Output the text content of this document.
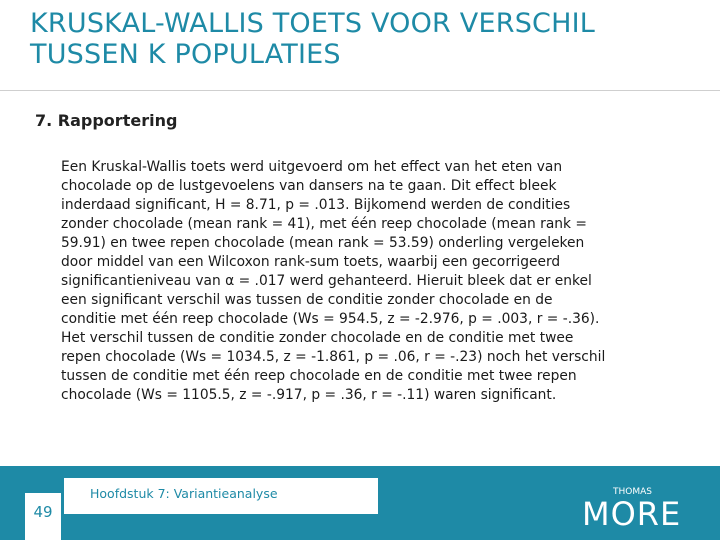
KRUSKAL-WALLIS TOETS VOOR VERSCHIL TUSSEN K POPULATIES
7. Rapportering

Een Kruskal-Wallis toets werd uitgevoerd om het effect van het eten van
chocolade op de lustgevoelens van dansers na te gaan. Dit effect bleek
inderdaad significant, H = 8.71, p = .013. Bijkomend werden de condities
zonder chocolade (mean rank = 41), met één reep chocolade (mean rank =
59.91) en twee repen chocolade (mean rank = 53.59) onderling vergeleken
door middel van een Wilcoxon rank-sum toets, waarbij een gecorrigeerd
significantieniveau van α = .017 werd gehanteerd. Hieruit bleek dat er enkel
een significant verschil was tussen de conditie zonder chocolade en de
conditie met één reep chocolade (Ws = 954.5, z = -2.976, p = .003, r = -.36).
Het verschil tussen de conditie zonder chocolade en de conditie met twee
repen chocolade (Ws = 1034.5, z = -1.861, p = .06, r = -.23) noch het verschil
tussen de conditie met één reep chocolade en de conditie met twee repen
chocolade (Ws = 1105.5, z = -.917, p = .36, r = -.11) waren significant.

Hoofdstuk 7: Variantieanalyse
49
THOMAS
MORE
